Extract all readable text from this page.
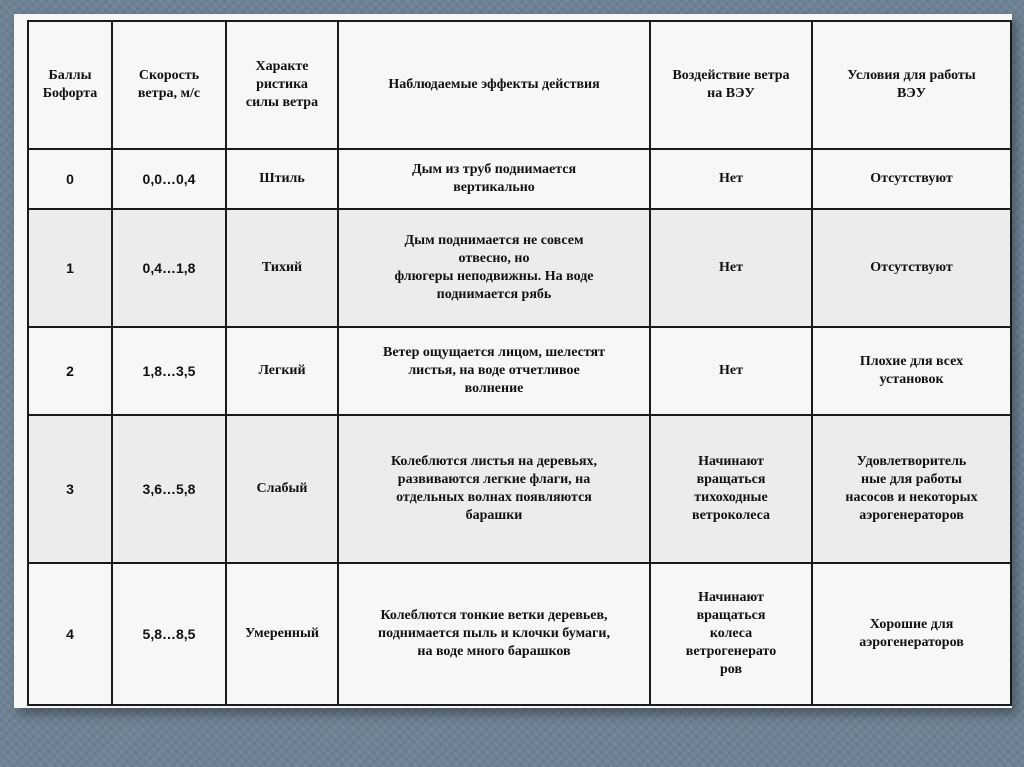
Баллы
Бофорта	Скорость
ветра, м/с	Характе
ристика
силы ветра	Наблюдаемые эффекты действия	Воздействие ветра
на ВЭУ	Условия для работы
ВЭУ

0	0,0…0,4	Штиль	Дым из труб поднимается
вертикально	Нет	Отсутствуют

1	0,4…1,8	Тихий	Дым поднимается не совсем
отвесно, но
флюгеры неподвижны. На воде
поднимается рябь	Нет	Отсутствуют

2	1,8…3,5	Легкий	Ветер ощущается лицом, шелестят
листья, на воде отчетливое
волнение	Нет	Плохие для всех
установок

3	3,6…5,8	Слабый	Колеблются листья на деревьях,
развиваются легкие флаги, на
отдельных волнах появляются
барашки	Начинают
вращаться
тихоходные
ветроколеса	Удовлетворитель
ные для работы
насосов и некоторых
аэрогенераторов

4	5,8…8,5	Умеренный	Колеблются тонкие ветки деревьев,
поднимается пыль и клочки бумаги,
на воде много барашков	Начинают
вращаться
колеса
ветрогенерато
ров	Хорошие для
аэрогенераторов
